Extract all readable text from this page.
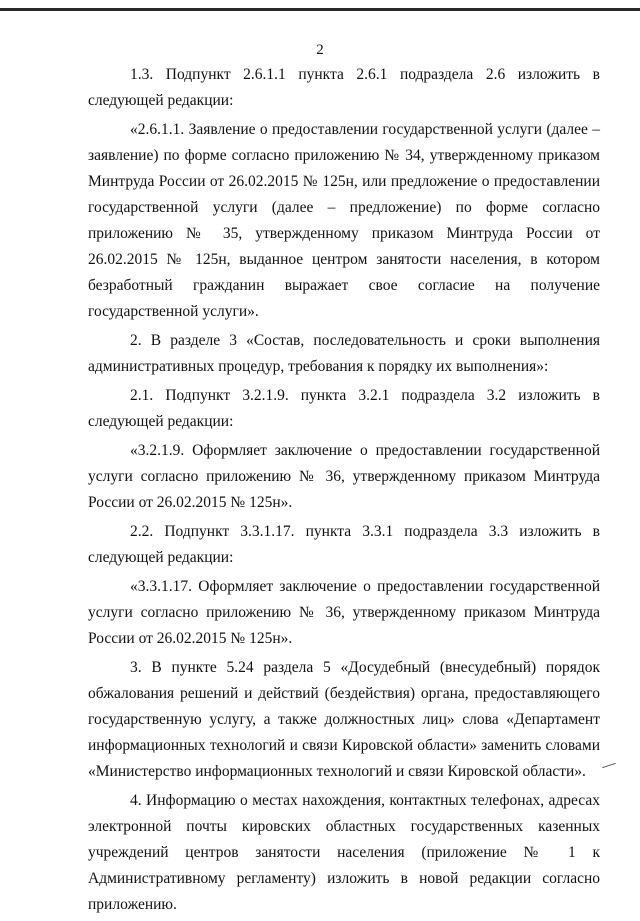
2

1.3. Подпункт 2.6.1.1 пункта 2.6.1 подраздела 2.6 изложить в следующей редакции:

«2.6.1.1. Заявление о предоставлении государственной услуги (далее – заявление) по форме согласно приложению № 34, утвержденному приказом Минтруда России от 26.02.2015 № 125н, или предложение о предоставлении государственной услуги (далее – предложение) по форме согласно приложению № 35, утвержденному приказом Минтруда России от 26.02.2015 № 125н, выданное центром занятости населения, в котором безработный гражданин выражает свое согласие на получение государственной услуги».

2. В разделе 3 «Состав, последовательность и сроки выполнения административных процедур, требования к порядку их выполнения»:

2.1. Подпункт 3.2.1.9. пункта 3.2.1 подраздела 3.2 изложить в следующей редакции:

«3.2.1.9. Оформляет заключение о предоставлении государственной услуги согласно приложению № 36, утвержденному приказом Минтруда России от 26.02.2015 № 125н».

2.2. Подпункт 3.3.1.17. пункта 3.3.1 подраздела 3.3 изложить в следующей редакции:

«3.3.1.17. Оформляет заключение о предоставлении государственной услуги согласно приложению № 36, утвержденному приказом Минтруда России от 26.02.2015 № 125н».

3. В пункте 5.24 раздела 5 «Досудебный (внесудебный) порядок обжалования решений и действий (бездействия) органа, предоставляющего государственную услугу, а также должностных лиц» слова «Департамент информационных технологий и связи Кировской области» заменить словами «Министерство информационных технологий и связи Кировской области».

4. Информацию о местах нахождения, контактных телефонах, адресах электронной почты кировских областных государственных казенных учреждений центров занятости населения (приложение № 1 к Административному регламенту) изложить в новой редакции согласно приложению.
